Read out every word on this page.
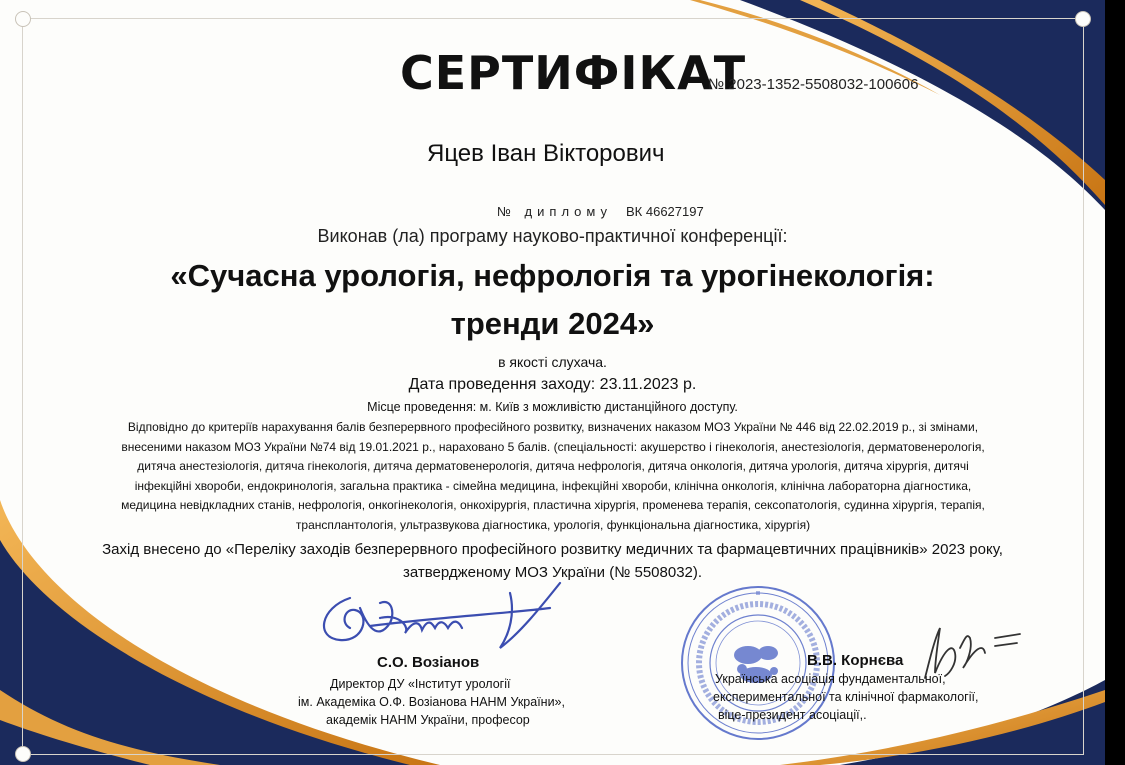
СЕРТИФІКАТ
№ 2023-1352-5508032-100606
Яцев Іван Вікторович
№ диплому ВК 46627197
Виконав (ла) програму науково-практичної конференції:
«Сучасна урологія, нефрологія та урогінекологія:
тренди 2024»
в якості слухача.
Дата проведення заходу: 23.11.2023 р.
Місце проведення: м. Київ з можливістю дистанційного доступу.
Відповідно до критеріїв нарахування балів безперервного професійного розвитку, визначених наказом МОЗ України № 446 від 22.02.2019 р., зі змінами,
внесеними наказом МОЗ України №74 від 19.01.2021 р., нараховано 5 балів. (спеціальності: акушерство і гінекологія, анестезіологія, дерматовенерологія,
дитяча анестезіологія, дитяча гінекологія, дитяча дерматовенерологія, дитяча нефрологія, дитяча онкологія, дитяча урологія, дитяча хірургія, дитячі
інфекційні хвороби, ендокринологія, загальна практика - сімейна медицина, інфекційні хвороби, клінічна онкологія, клінічна лабораторна діагностика,
медицина невідкладних станів, нефрологія, онкогінекологія, онкохірургія, пластична хірургія, променева терапія, сексопатологія, судинна хірургія, терапія,
трансплантологія, ультразвукова діагностика, урологія, функціональна діагностика, хірургія)
Захід внесено до «Переліку заходів безперервного професійного розвитку медичних та фармацевтичних працівників» 2023 року,
затвердженому МОЗ України (№ 5508032).
С.О. Возіанов
Директор ДУ «Інститут урології
ім. Академіка О.Ф. Возіанова НАНМ України»,
академік НАНМ України, професор
В.В. Корнєва
Українська асоціація фундаментальної,
експериментальної та клінічної фармакології,
віце-президент асоціації,.
